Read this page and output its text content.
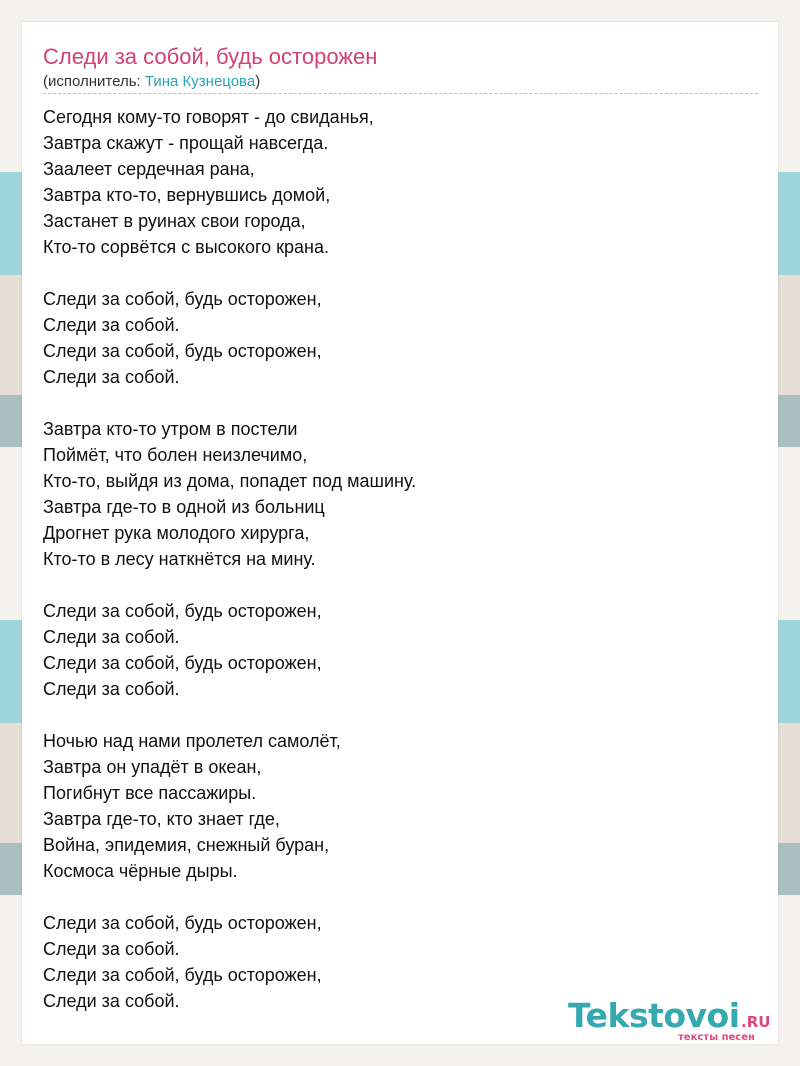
Следи за собой, будь осторожен
(исполнитель: Тина Кузнецова)
Сегодня кому-то говорят - до свиданья,
Завтра скажут - прощай навсегда.
Заалеет сердечная рана,
Завтра кто-то, вернувшись домой,
Застанет в руинах свои города,
Кто-то сорвётся с высокого крана.
Следи за собой, будь осторожен,
Следи за собой.
Следи за собой, будь осторожен,
Следи за собой.
Завтра кто-то утром в постели
Поймёт, что болен неизлечимо,
Кто-то, выйдя из дома, попадет под машину.
Завтра где-то в одной из больниц
Дрогнет рука молодого хирурга,
Кто-то в лесу наткнётся на мину.
Следи за собой, будь осторожен,
Следи за собой.
Следи за собой, будь осторожен,
Следи за собой.
Ночью над нами пролетел самолёт,
Завтра он упадёт в океан,
Погибнут все пассажиры.
Завтра где-то, кто знает где,
Война, эпидемия, снежный буран,
Космоса чёрные дыры.
Следи за собой, будь осторожен,
Следи за собой.
Следи за собой, будь осторожен,
Следи за собой.	Tekstovoi .RU
тексты песен
